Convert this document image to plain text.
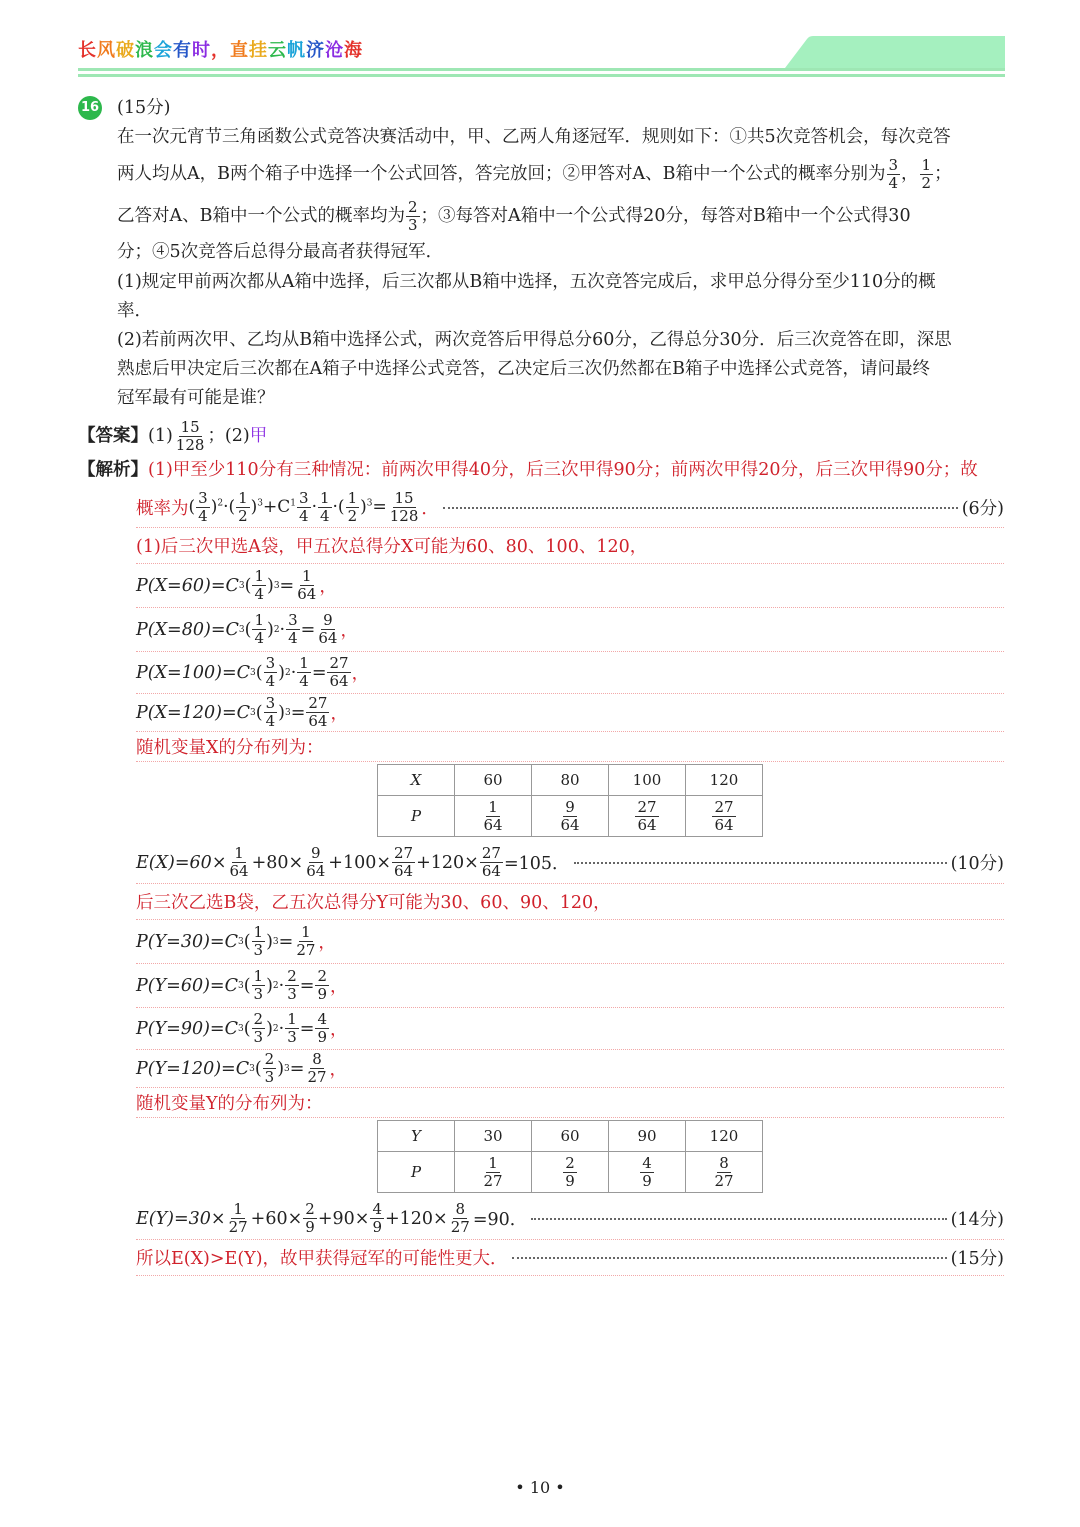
长风破浪会有时，直挂云帆济沧海
16 (15分)
在一次元宵节三角函数公式竞答决赛活动中，甲、乙两人角逐冠军．规则如下：①共5次竞答机会，每次竞答
两人均从A，B两个箱子中选择一个公式回答，答完放回；②甲答对A、B箱中一个公式的概率分别为 $\frac{3}{4}$ ， $\frac{1}{2}$ ；
乙答对A、B箱中一个公式的概率均为 $\frac{2}{3}$ ；③每答对A箱中一个公式得20分，每答对B箱中一个公式得30
分；④5次竞答后总得分最高者获得冠军．
(1)规定甲前两次都从A箱中选择，后三次都从B箱中选择，五次竞答完成后，求甲总分得分至少110分的概
率．
(2)若前两次甲、乙均从B箱中选择公式，两次竞答后甲得总分60分，乙得总分30分．后三次竞答在即，深思
熟虑后甲决定后三次都在A箱子中选择公式竞答，乙决定后三次仍然都在B箱子中选择公式竞答，请问最终
冠军最有可能是谁？
【答案】$(1) \frac{15}{128}$ ；(2)甲
【解析】(1)甲至少110分有三种情况：前两次甲得40分，后三次甲得90分；前两次甲得20分，后三次甲得90分；故
概率为 ( $\frac{3}{4} )^2\cdot( \frac{1}{2} )^3+C^1 \frac{3}{4} \cdot \frac{1}{4}$ ·( $\frac{1}{2} )^3= \frac{15}{128}$ ．	(6分)
(1)后三次甲选A袋，甲五次总得分X可能为60、80、100、120，
P(X=60)=C 3 ( $\frac{1}{4}$ ) $3 = \frac{1}{64}$ ，
P(X=80)=C 3 ( $\frac{1}{4}$ ) $2 \cdot \frac{3}{4} = \frac{9}{64}$ ，
P(X=100)=C 3 ( $\frac{3}{4}$ ) $2 \cdot \frac{1}{4} = \frac{27}{64}$ ，
P(X=120)=C 3 ( $\frac{3}{4}$ ) $3 = \frac{27}{64}$ ，
随机变量X的分布列为：
X	60	80	100	120
P	$\frac{1}{64}$	$\frac{9}{64}$	$\frac{27}{64}$	$\frac{27}{64}$
$E(X)=60\times \frac{1}{64} +80\times \frac{9}{64} +100\times \frac{27}{64} +120\times \frac{27}{64} =105$．	(10分)
后三次乙选B袋，乙五次总得分Y可能为30、60、90、120，
P(Y=30)=C 3 ( $\frac{1}{3}$ ) $3 = \frac{1}{27}$ ，
P(Y=60)=C 3 ( $\frac{1}{3}$ ) $2 \cdot \frac{2}{3} = \frac{2}{9}$ ，
P(Y=90)=C 3 ( $\frac{2}{3}$ ) $2 \cdot \frac{1}{3} = \frac{4}{9}$ ，
P(Y=120)=C 3 ( $\frac{2}{3}$ ) $3 = \frac{8}{27}$ ，
随机变量Y的分布列为：
Y	30	60	90	120
P	$\frac{1}{27}$	$\frac{2}{9}$	$\frac{4}{9}$	$\frac{8}{27}$
$E(Y)=30\times \frac{1}{27} +60\times \frac{2}{9} +90\times \frac{4}{9} +120\times \frac{8}{27} =90$．	(14分)
所以E(X)>E(Y)，故甲获得冠军的可能性更大．	(15分)
• 10 •
